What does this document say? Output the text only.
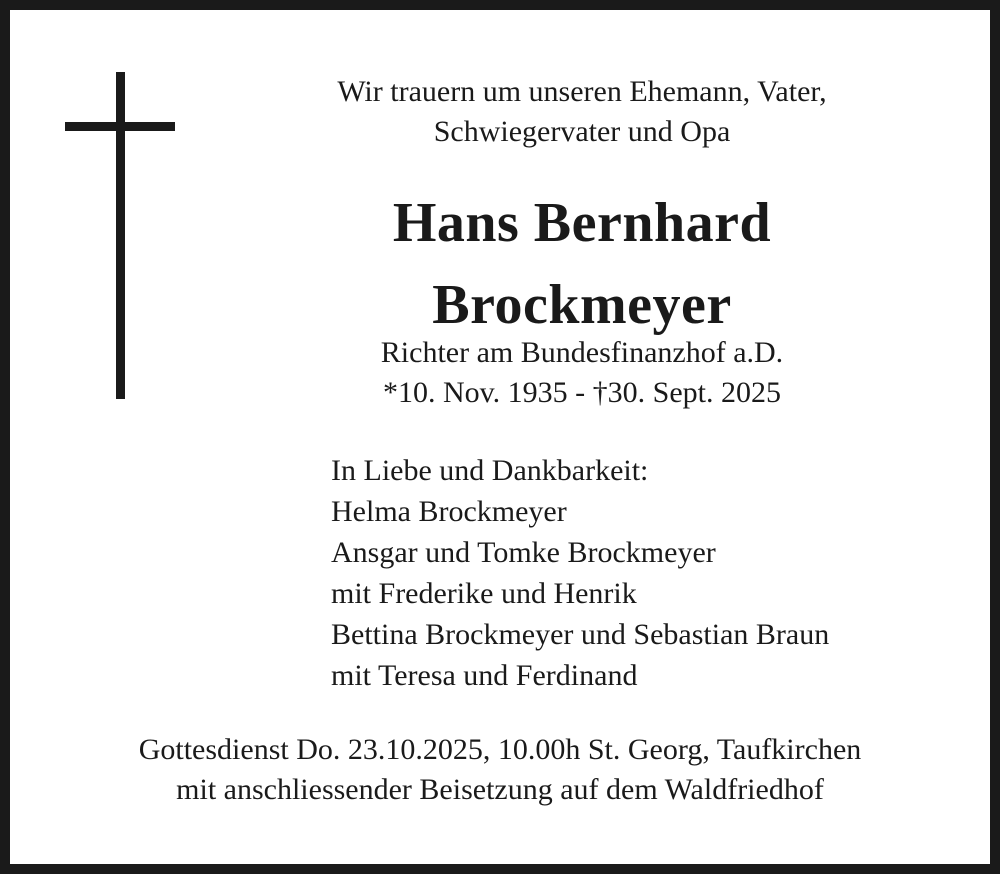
Wir trauern um unseren Ehemann, Vater,
Schwiegervater und Opa
Hans Bernhard
Brockmeyer
Richter am Bundesfinanzhof a.D.
*10. Nov. 1935 - †30. Sept. 2025
In Liebe und Dankbarkeit:
Helma Brockmeyer
Ansgar und Tomke Brockmeyer
mit Frederike und Henrik
Bettina Brockmeyer und Sebastian Braun
mit Teresa und Ferdinand
Gottesdienst Do. 23.10.2025, 10.00h St. Georg, Taufkirchen
mit anschliessender Beisetzung auf dem Waldfriedhof
